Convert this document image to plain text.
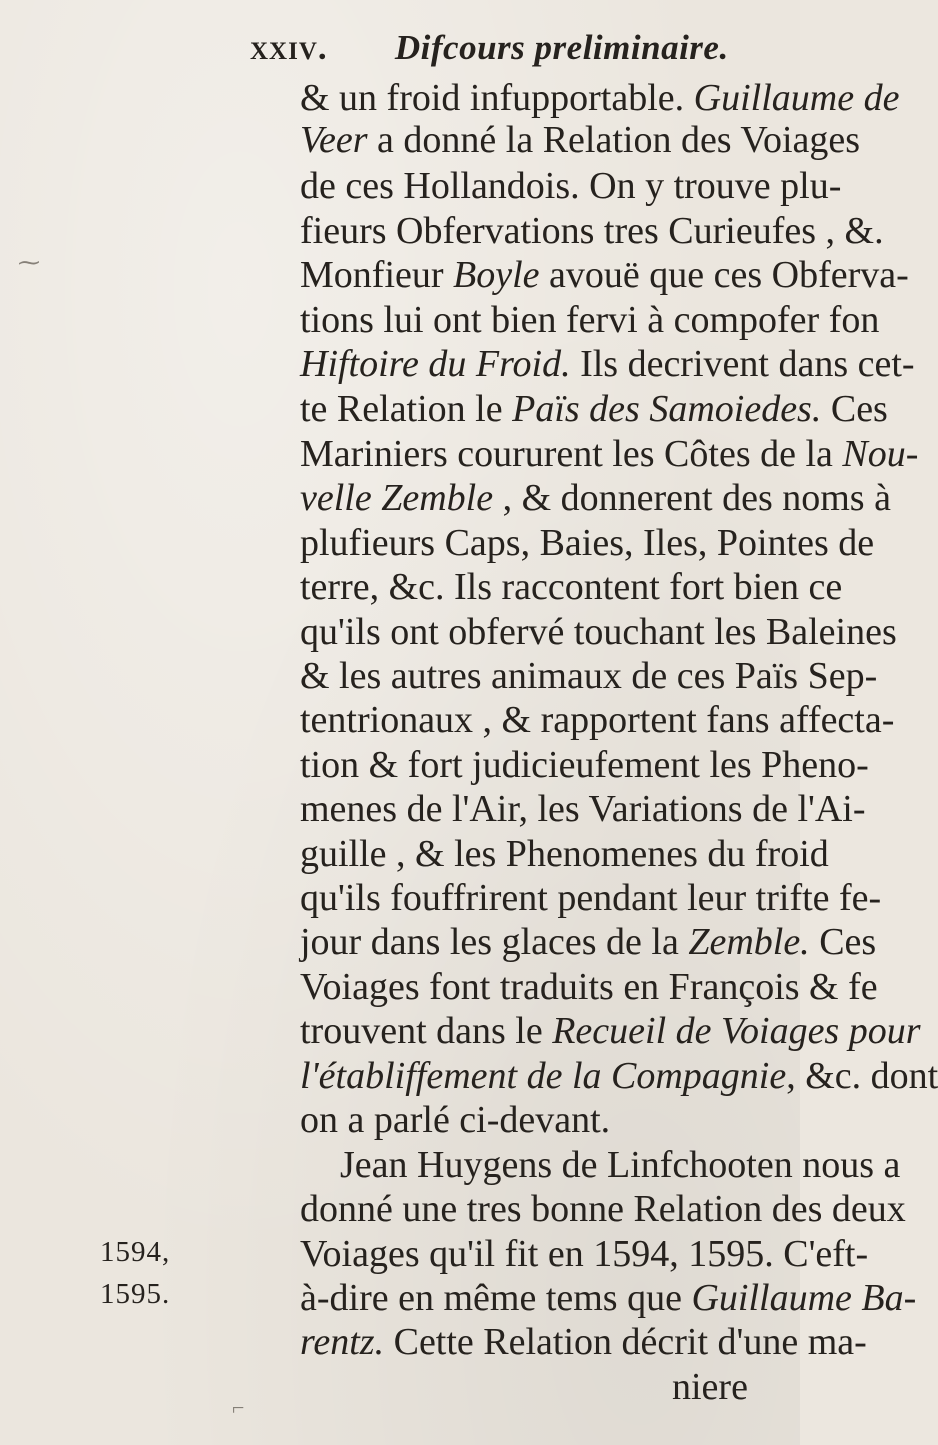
xxiv. Difcours preliminaire.
& un froid infupportable. Guillaume de
Veer a donné la Relation des Voiages
de ces Hollandois. On y trouve plu-
fieurs Obfervations tres Curieufes , &.
Monfieur Boyle avouë que ces Obferva-
tions lui ont bien fervi à compofer fon
Hiftoire du Froid. Ils decrivent dans cet-
te Relation le Païs des Samoiedes. Ces
Mariniers coururent les Côtes de la Nou-
velle Zemble , & donnerent des noms à
plufieurs Caps, Baies, Iles, Pointes de
terre, &c. Ils raccontent fort bien ce
qu'ils ont obfervé touchant les Baleines
& les autres animaux de ces Païs Sep-
tentrionaux , & rapportent fans affecta-
tion & fort judicieufement les Pheno-
menes de l'Air, les Variations de l'Ai-
guille , & les Phenomenes du froid
qu'ils fouffrirent pendant leur trifte fe-
jour dans les glaces de la Zemble. Ces
Voiages font traduits en François & fe
trouvent dans le Recueil de Voiages pour
l'établiffement de la Compagnie, &c. dont
on a parlé ci-devant.
Jean Huygens de Linfchooten nous a
donné une tres bonne Relation des deux
Voiages qu'il fit en 1594, 1595. C'eft-
à-dire en même tems que Guillaume Ba-
rentz. Cette Relation décrit d'une ma-
niere
1594,
1595.
⁓
⌐
